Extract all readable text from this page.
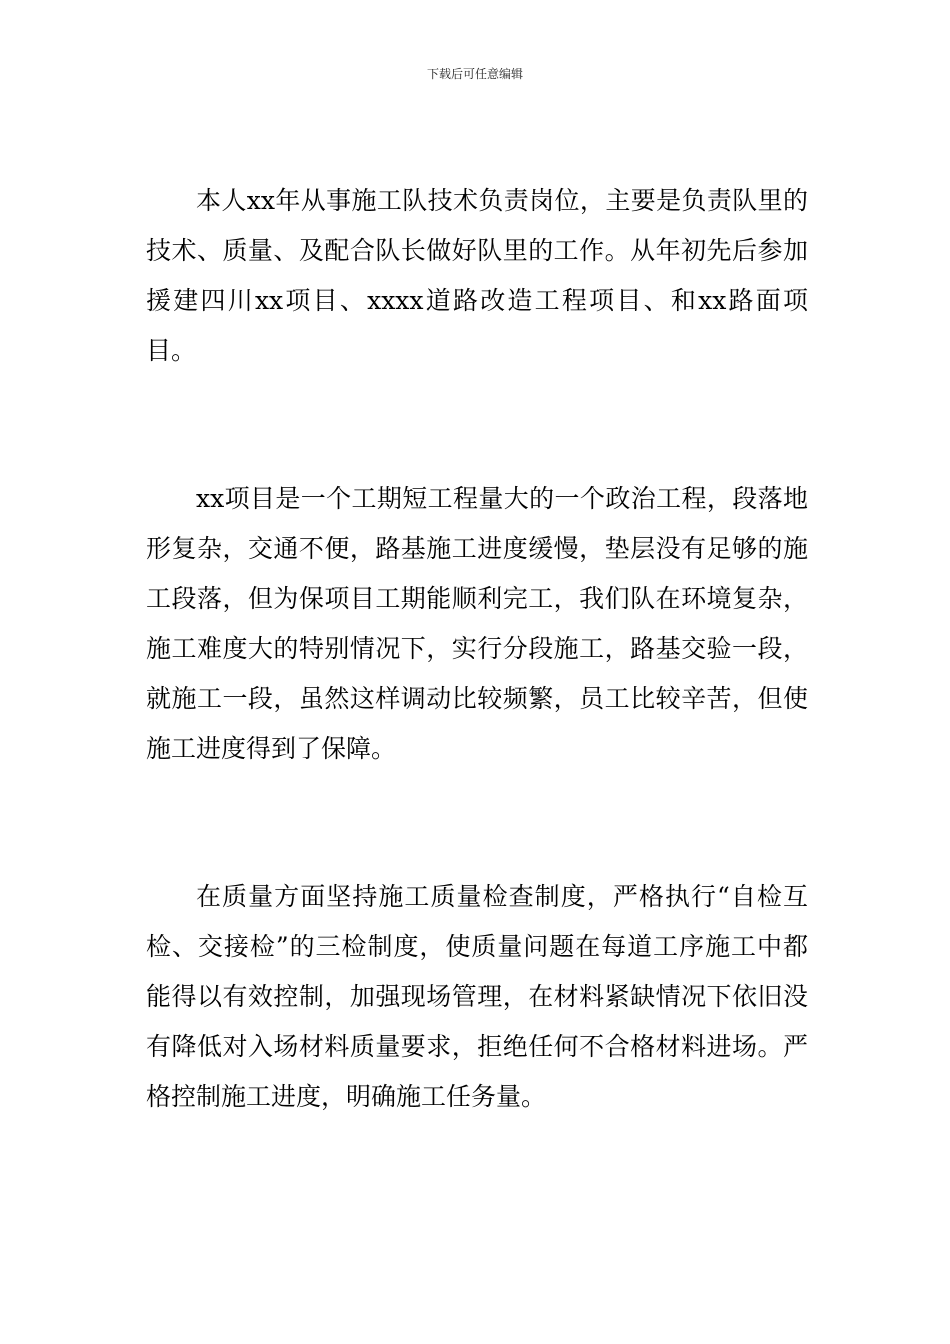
下载后可任意编辑

本人xx年从事施工队技术负责岗位，主要是负责队里的技术、质量、及配合队长做好队里的工作。从年初先后参加援建四川xx项目、xxxx道路改造工程项目、和xx路面项目。

xx项目是一个工期短工程量大的一个政治工程，段落地形复杂，交通不便，路基施工进度缓慢，垫层没有足够的施工段落，但为保项目工期能顺利完工，我们队在环境复杂，施工难度大的特别情况下，实行分段施工，路基交验一段，就施工一段，虽然这样调动比较频繁，员工比较辛苦，但使施工进度得到了保障。

在质量方面坚持施工质量检查制度，严格执行“自检互检、交接检”的三检制度，使质量问题在每道工序施工中都能得以有效控制，加强现场管理，在材料紧缺情况下依旧没有降低对入场材料质量要求，拒绝任何不合格材料进场。严格控制施工进度，明确施工任务量。
